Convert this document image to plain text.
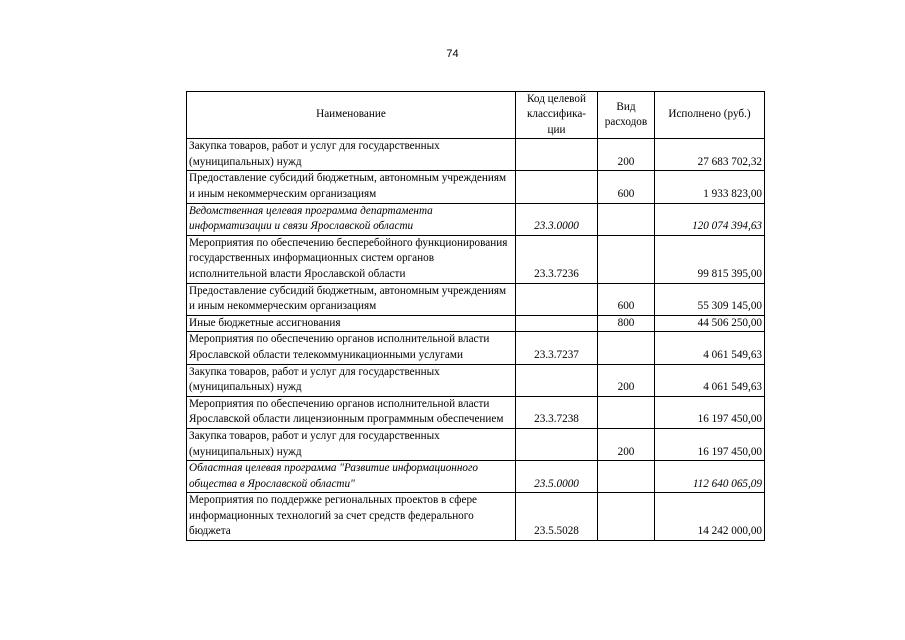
74
Наименование	Код целевой классифика-ции	Вид расходов	Исполнено (руб.)
Закупка товаров, работ и услуг для государственных (муниципальных) нужд		200	27 683 702,32
Предоставление субсидий бюджетным, автономным учреждениям и иным некоммерческим организациям		600	1 933 823,00
Ведомственная целевая программа департамента информатизации и связи Ярославской области	23.3.0000		120 074 394,63
Мероприятия по обеспечению бесперебойного функционирования государственных информационных систем органов исполнительной власти Ярославской области	23.3.7236		99 815 395,00
Предоставление субсидий бюджетным, автономным учреждениям и иным некоммерческим организациям		600	55 309 145,00
Иные бюджетные ассигнования		800	44 506 250,00
Мероприятия по обеспечению органов исполнительной власти Ярославской области телекоммуникационными услугами	23.3.7237		4 061 549,63
Закупка товаров, работ и услуг для государственных (муниципальных) нужд		200	4 061 549,63
Мероприятия по обеспечению органов исполнительной власти Ярославской области лицензионным программным обеспечением	23.3.7238		16 197 450,00
Закупка товаров, работ и услуг для государственных (муниципальных) нужд		200	16 197 450,00
Областная целевая программа "Развитие информационного общества в Ярославской области"	23.5.0000		112 640 065,09
Мероприятия по поддержке региональных проектов в сфере информационных технологий за счет средств федерального бюджета	23.5.5028		14 242 000,00
